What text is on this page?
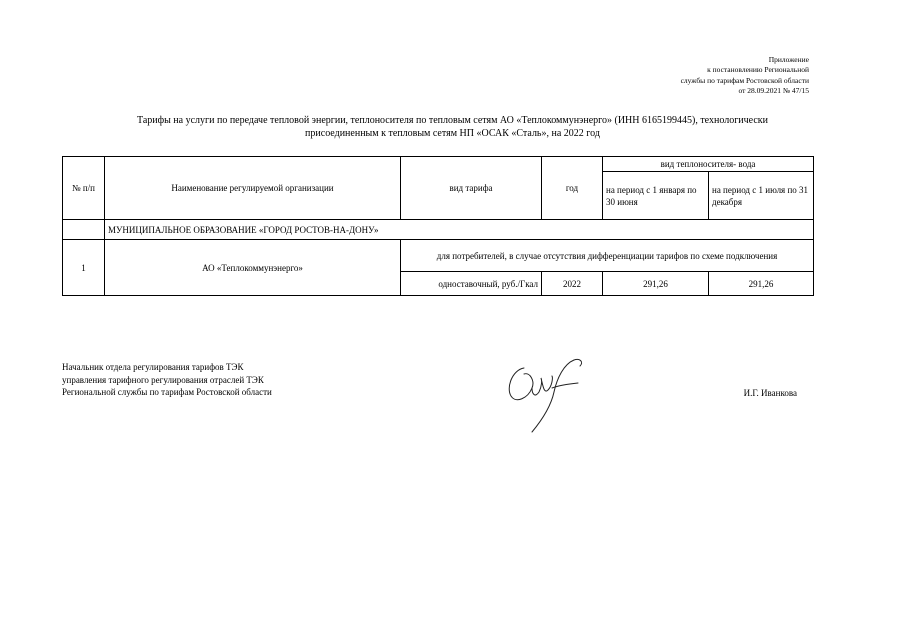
Приложение
к постановлению Региональной
службы по тарифам Ростовской области
от 28.09.2021 № 47/15
Тарифы на услуги по передаче тепловой энергии, теплоносителя по тепловым сетям АО «Теплокоммунэнерго» (ИНН 6165199445), технологически
присоединенным к тепловым сетям НП «ОСАК «Сталь», на 2022 год
№ п/п	Наименование регулируемой организации	вид тарифа	год	вид теплоносителя- вода	
				на период с 1 января по 30 июня	на период с 1 июля по 31 декабря
	МУНИЦИПАЛЬНОЕ ОБРАЗОВАНИЕ «ГОРОД РОСТОВ-НА-ДОНУ»				
1	АО «Теплокоммунэнерго»	для потребителей, в случае отсутствия дифференциации тарифов по схеме подключения			
		одноставочный, руб./Гкал	2022	291,26	291,26
Начальник отдела регулирования тарифов ТЭК
управления тарифного регулирования отраслей ТЭК
Региональной службы по тарифам Ростовской области	И.Г. Иванкова
